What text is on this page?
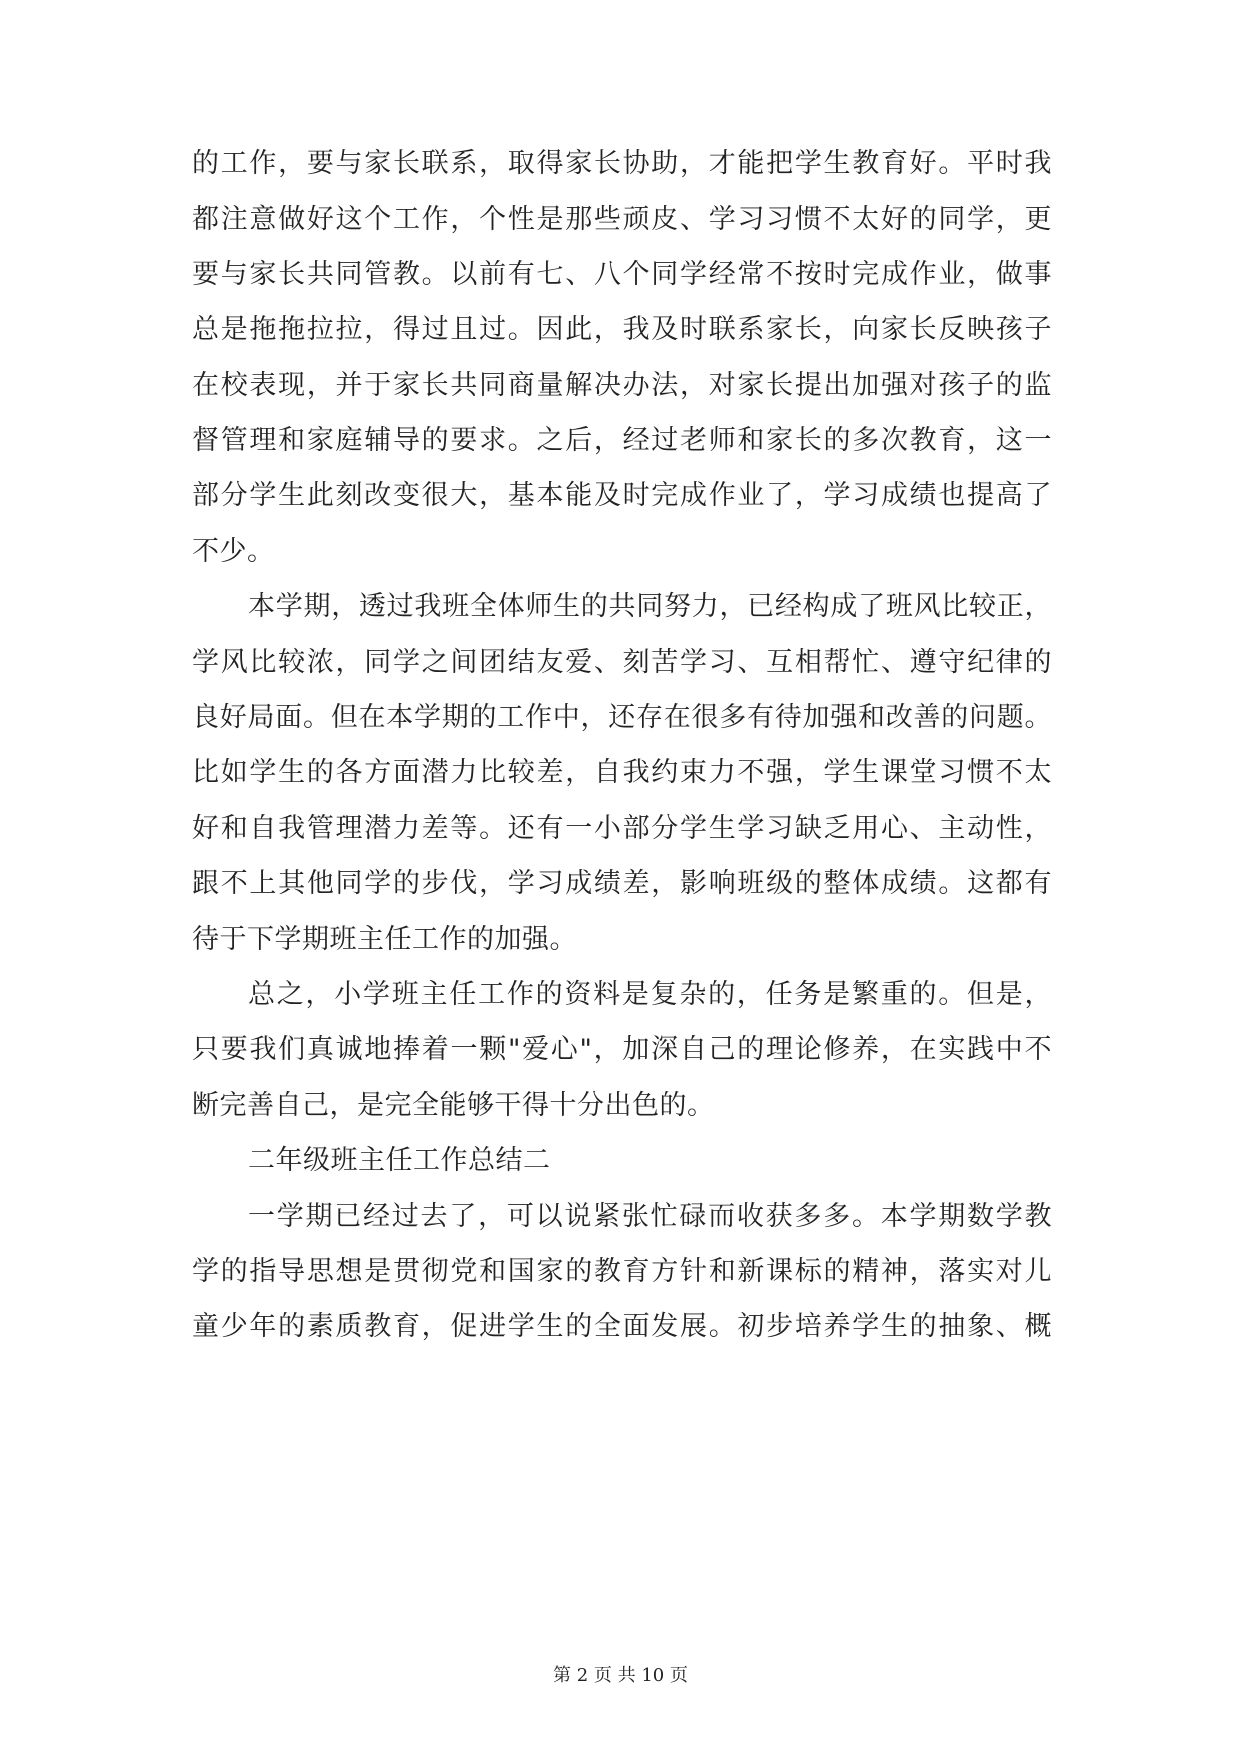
的工作，要与家长联系，取得家长协助，才能把学生教育好。平时我
都注意做好这个工作，个性是那些顽皮、学习习惯不太好的同学，更
要与家长共同管教。以前有七、八个同学经常不按时完成作业，做事
总是拖拖拉拉，得过且过。因此，我及时联系家长，向家长反映孩子
在校表现，并于家长共同商量解决办法，对家长提出加强对孩子的监
督管理和家庭辅导的要求。之后，经过老师和家长的多次教育，这一
部分学生此刻改变很大，基本能及时完成作业了，学习成绩也提高了
不少。
本学期，透过我班全体师生的共同努力，已经构成了班风比较正，
学风比较浓，同学之间团结友爱、刻苦学习、互相帮忙、遵守纪律的
良好局面。但在本学期的工作中，还存在很多有待加强和改善的问题。
比如学生的各方面潜力比较差，自我约束力不强，学生课堂习惯不太
好和自我管理潜力差等。还有一小部分学生学习缺乏用心、主动性，
跟不上其他同学的步伐，学习成绩差，影响班级的整体成绩。这都有
待于下学期班主任工作的加强。
总之，小学班主任工作的资料是复杂的，任务是繁重的。但是，
只要我们真诚地捧着一颗"爱心"，加深自己的理论修养，在实践中不
断完善自己，是完全能够干得十分出色的。
二年级班主任工作总结二
一学期已经过去了，可以说紧张忙碌而收获多多。本学期数学教
学的指导思想是贯彻党和国家的教育方针和新课标的精神，落实对儿
童少年的素质教育，促进学生的全面发展。初步培养学生的抽象、概
第 2 页 共 10 页
